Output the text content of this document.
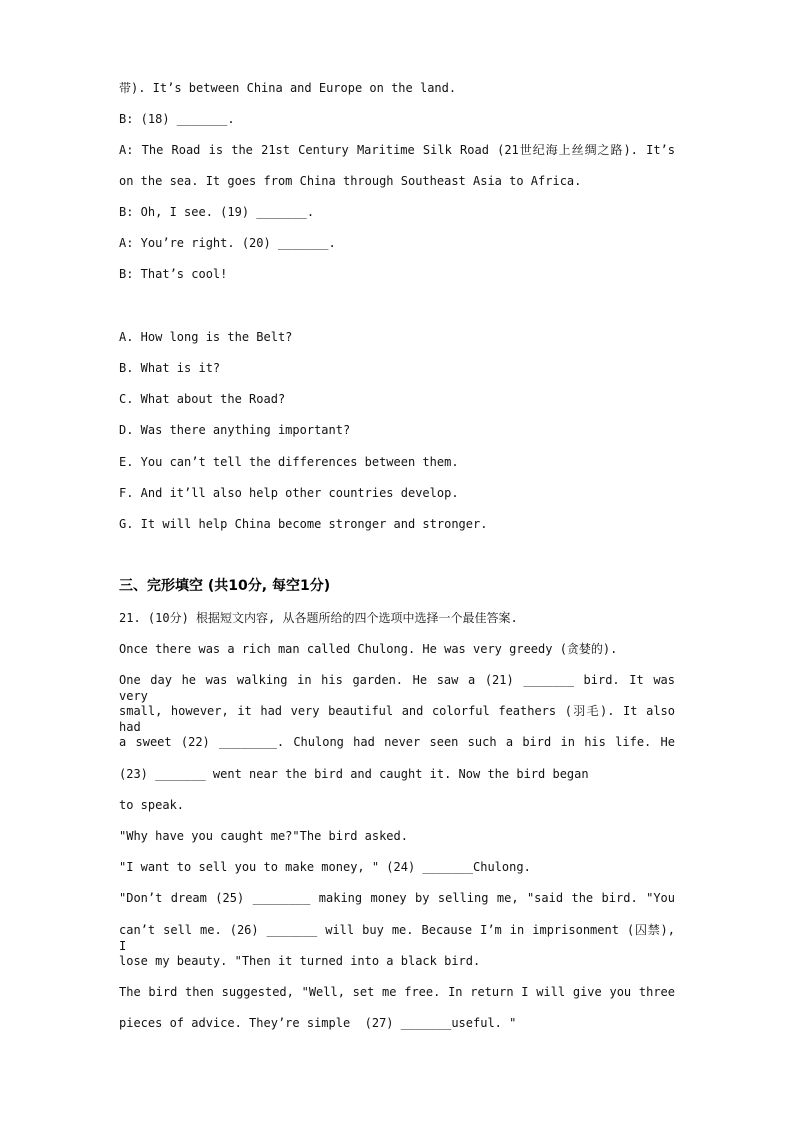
带). It’s between China and Europe on the land.
B: (18) _______.
A: The Road is the 21st Century Maritime Silk Road (21世纪海上丝绸之路). It’s
on the sea. It goes from China through Southeast Asia to Africa.
B: Oh, I see. (19) _______.
A: You’re right. (20) _______.
B: That’s cool!
A. How long is the Belt?
B. What is it?
C. What about the Road?
D. Was there anything important?
E. You can’t tell the differences between them.
F. And it’ll also help other countries develop.
G. It will help China become stronger and stronger.
三、完形填空 (共10分, 每空1分)
21. (10分) 根据短文内容, 从各题所给的四个选项中选择一个最佳答案.
Once there was a rich man called Chulong. He was very greedy (贪婪的).
One day he was walking in his garden. He saw a (21) _______ bird. It was very
small, however, it had very beautiful and colorful feathers (羽毛). It also had
a sweet (22) ________. Chulong had never seen such a bird in his life. He
(23) _______ went near the bird and caught it. Now the bird began
to speak.
"Why have you caught me?"The bird asked.
"I want to sell you to make money, " (24) _______Chulong.
"Don’t dream (25) ________ making money by selling me, "said the bird. "You
can’t sell me. (26) _______ will buy me. Because I’m in imprisonment (囚禁), I
lose my beauty. "Then it turned into a black bird.
The bird then suggested, "Well, set me free. In return I will give you three
pieces of advice. They’re simple  (27) _______useful. "
